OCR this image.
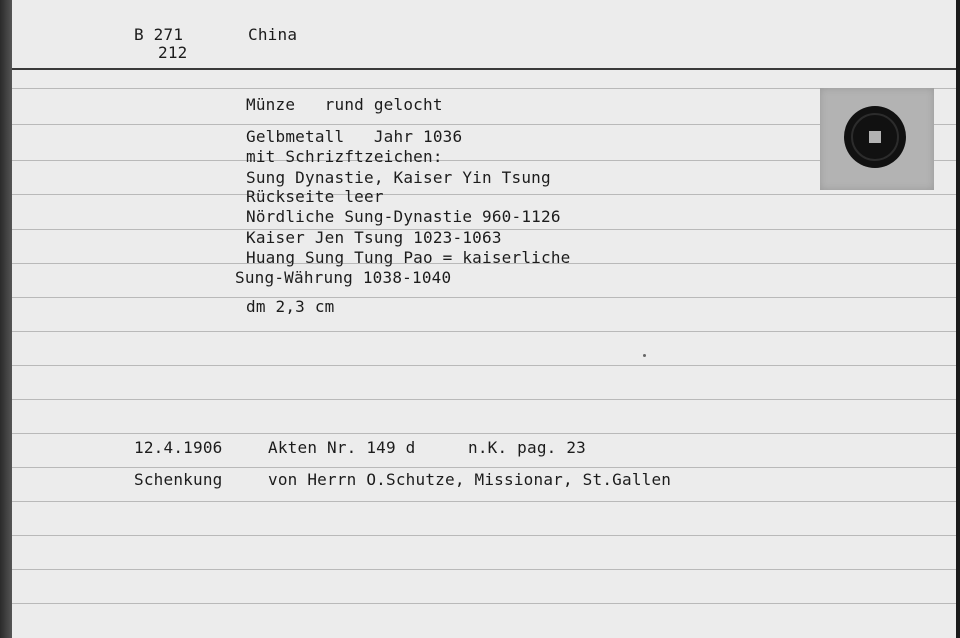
B 271
212
China
Münze   rund gelocht
Gelbmetall   Jahr 1036
mit Schrizftzeichen:
Sung Dynastie, Kaiser Yin Tsung
Rückseite leer
Nördliche Sung-Dynastie 960-1126
Kaiser Jen Tsung 1023-1063
Huang Sung Tung Pao = kaiserliche
Sung-Währung 1038-1040
dm 2,3 cm
12.4.1906	Akten Nr. 149 d	n.K. pag. 23
Schenkung	von Herrn O.Schutze, Missionar, St.Gallen
